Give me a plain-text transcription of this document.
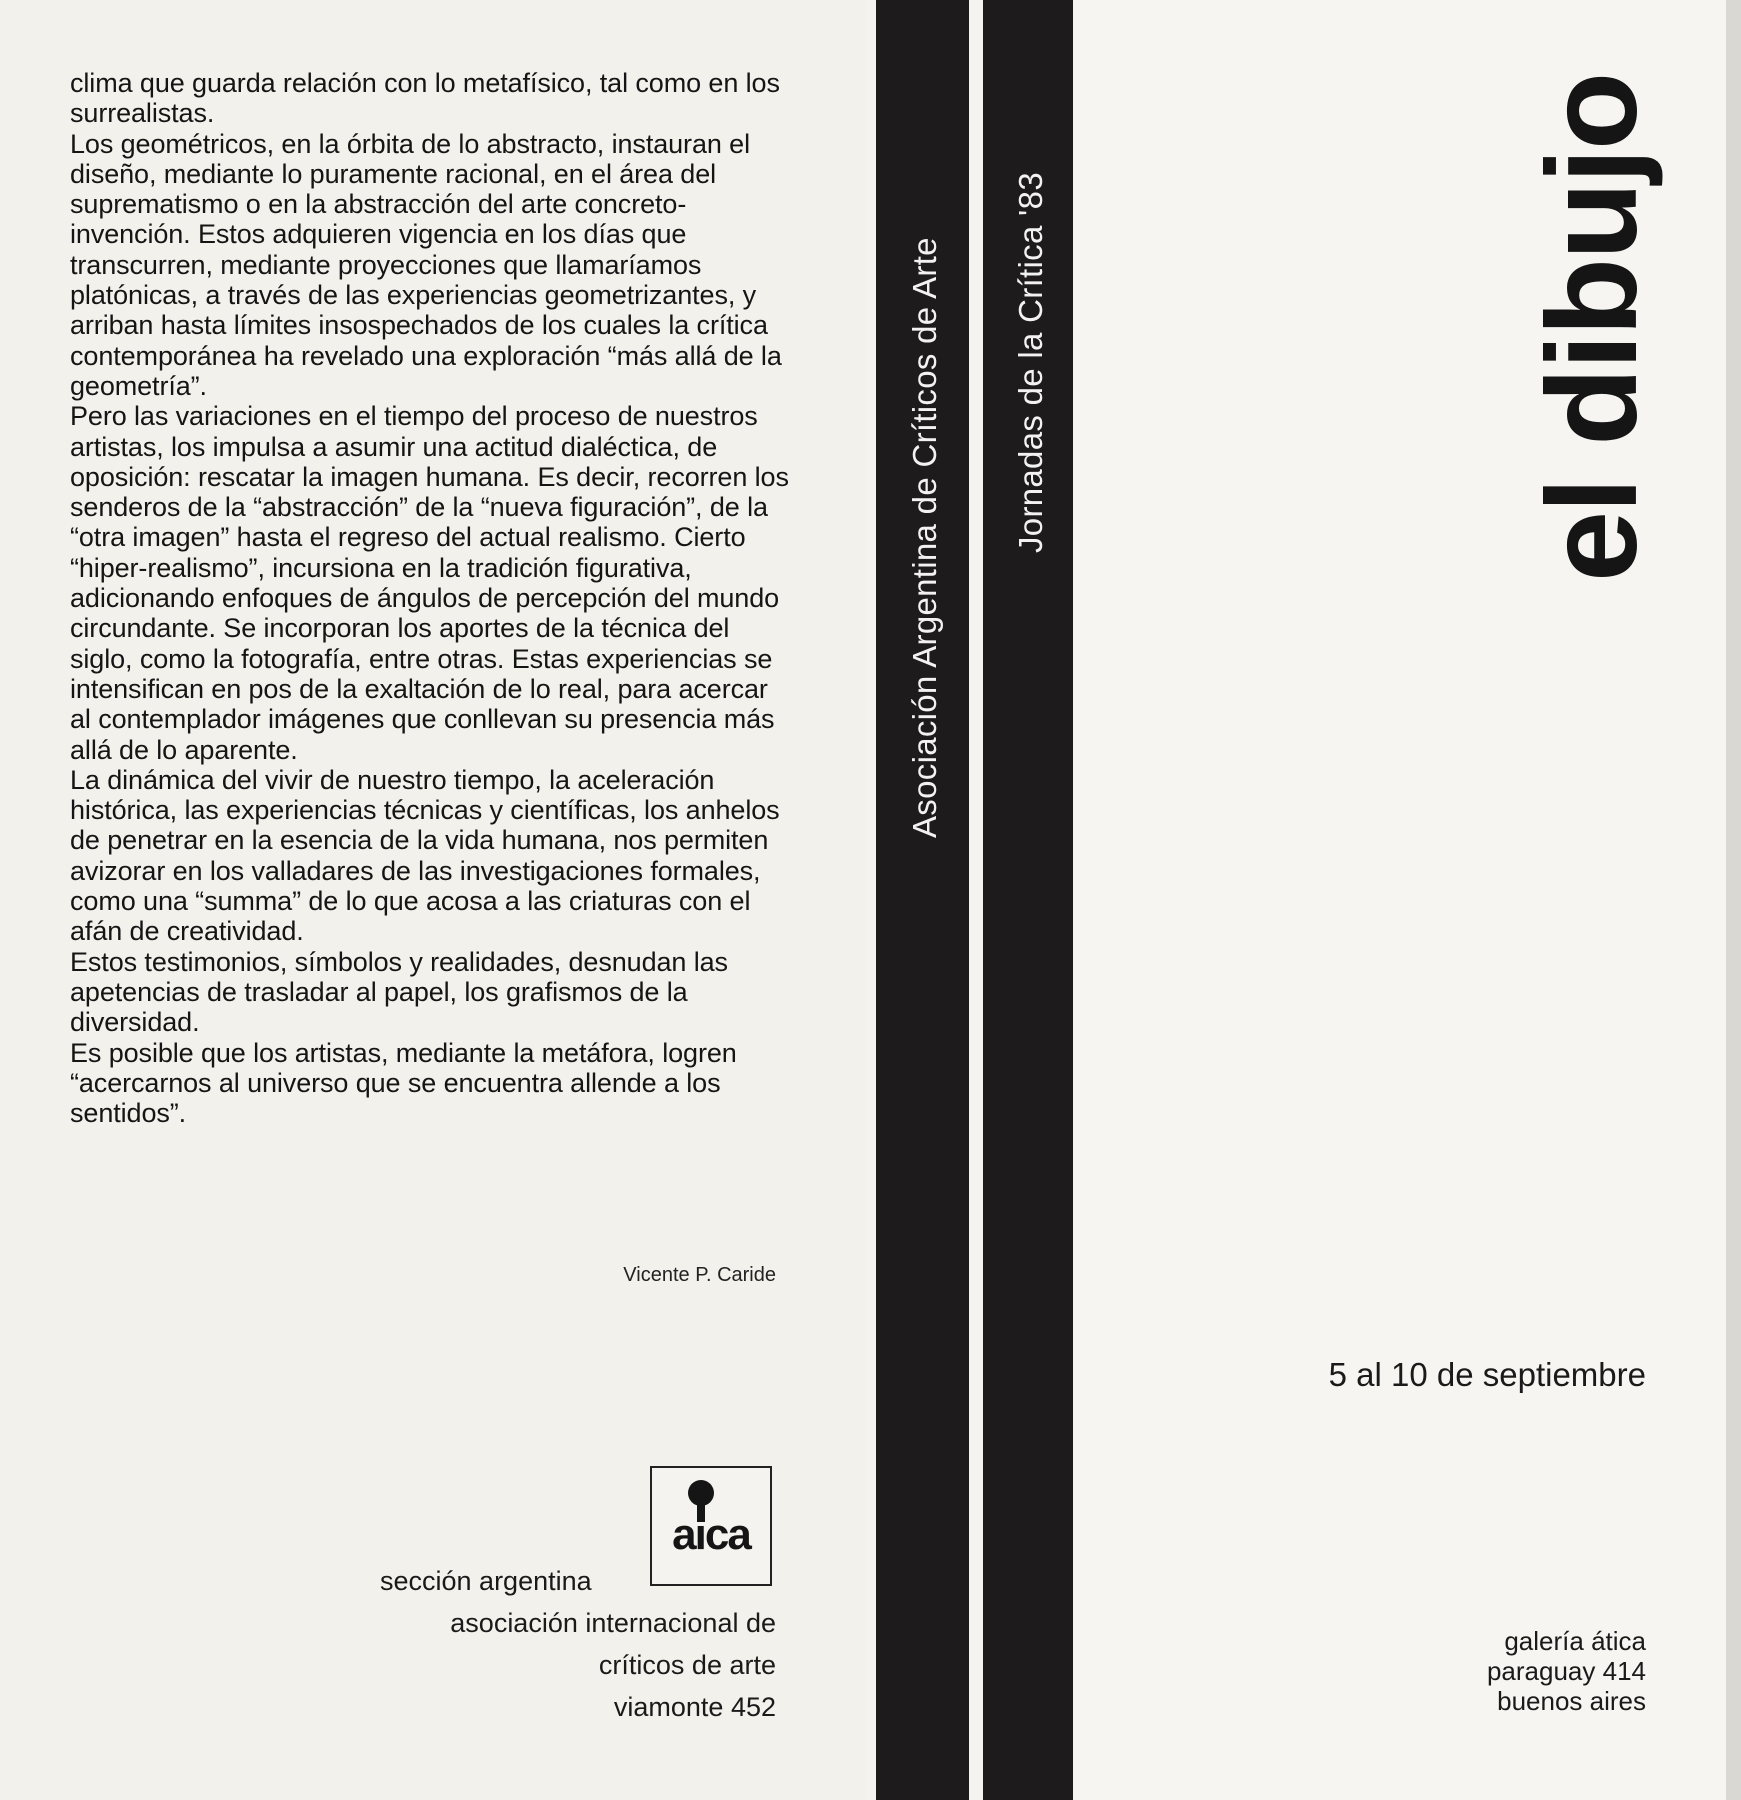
clima que guarda relación con lo metafísico, tal como en los surrealistas.

Los geométricos, en la órbita de lo abstracto, instauran el diseño, mediante lo puramente racional, en el área del suprematismo o en la abstracción del arte concreto-invención. Estos adquieren vigencia en los días que transcurren, mediante proyecciones que llamaríamos platónicas, a través de las experiencias geometrizantes, y arriban hasta límites insospechados de los cuales la crítica contemporánea ha revelado una exploración “más allá de la geometría”.

Pero las variaciones en el tiempo del proceso de nuestros artistas, los impulsa a asumir una actitud dialéctica, de oposición: rescatar la imagen humana. Es decir, recorren los senderos de la “abstracción” de la “nueva figuración”, de la “otra imagen” hasta el regreso del actual realismo. Cierto “hiper-realismo”, incursiona en la tradición figurativa, adicionando enfoques de ángulos de percepción del mundo circundante. Se incorporan los aportes de la técnica del siglo, como la fotografía, entre otras. Estas experiencias se intensifican en pos de la exaltación de lo real, para acercar al contemplador imágenes que conllevan su presencia más allá de lo aparente.

La dinámica del vivir de nuestro tiempo, la aceleración histórica, las experiencias técnicas y científicas, los anhelos de penetrar en la esencia de la vida humana, nos permiten avizorar en los valladares de las investigaciones formales, como una “summa” de lo que acosa a las criaturas con el afán de creatividad.

Estos testimonios, símbolos y realidades, desnudan las apetencias de trasladar al papel, los grafismos de la diversidad.

Es posible que los artistas, mediante la metáfora, logren “acercarnos al universo que se encuentra allende a los sentidos”.

Vicente P. Caride
aica
sección argentina
asociación internacional de
críticos de arte
viamonte 452
Asociación Argentina de Críticos de Arte Jornadas de la Crítica '83	el dibujo
5 al 10 de septiembre
galería ática
paraguay 414
buenos aires
